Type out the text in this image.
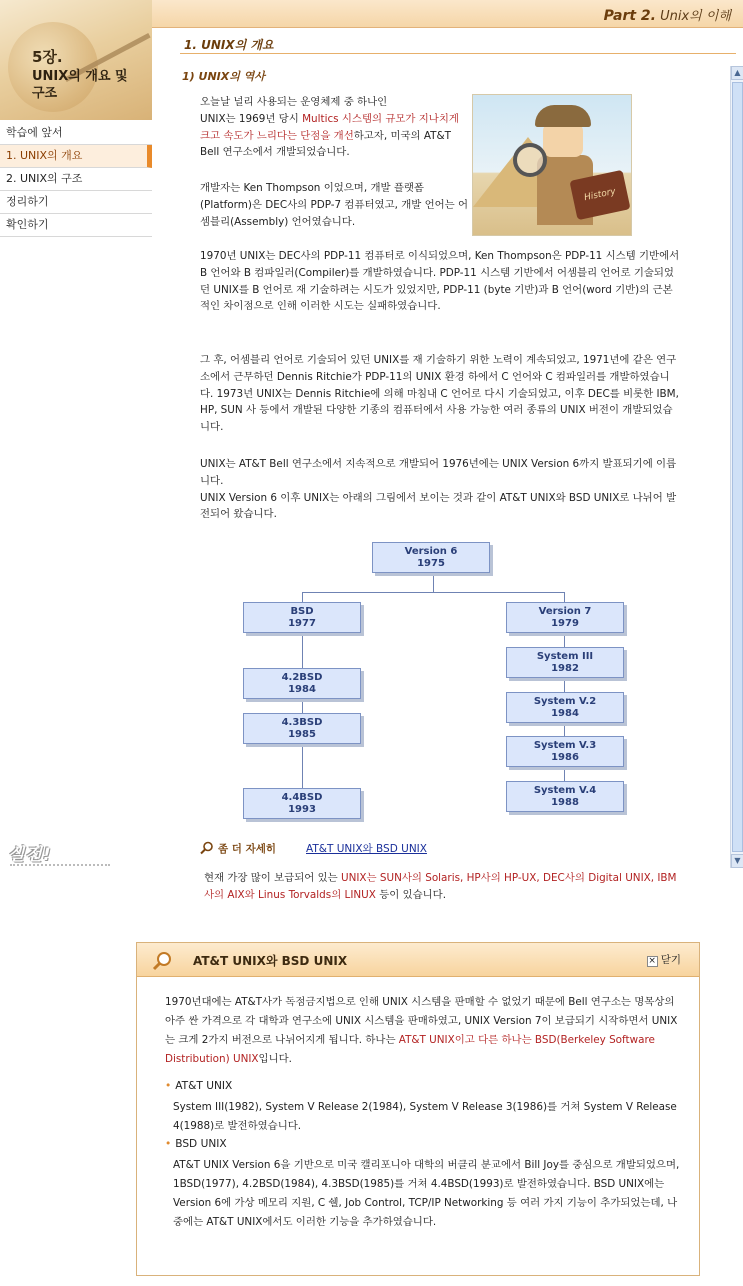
5장.
UNIX의 개요 및 구조
학습에 앞서
1. UNIX의 개요
2. UNIX의 구조
정리하기
확인하기
실전!
Part 2. Unix의 이해
1. UNIX의 개요
1) UNIX의 역사
오늘날 널리 사용되는 운영체제 중 하나인
UNIX는 1969년 당시 Multics 시스템의 규모가 지나치게 크고 속도가 느리다는 단점을 개선하고자, 미국의 AT&T Bell 연구소에서 개발되었습니다.
개발자는 Ken Thompson 이었으며, 개발 플랫폼(Platform)은 DEC사의 PDP-7 컴퓨터였고, 개발 언어는 어셈블리(Assembly) 언어였습니다.
History
1970년 UNIX는 DEC사의 PDP-11 컴퓨터로 이식되었으며, Ken Thompson은 PDP-11 시스템 기반에서 B 언어와 B 컴파일러(Compiler)를 개발하였습니다. PDP-11 시스템 기반에서 어셈블리 언어로 기술되었던 UNIX를 B 언어로 재 기술하려는 시도가 있었지만, PDP-11 (byte 기반)과 B 언어(word 기반)의 근본적인 차이점으로 인해 이러한 시도는 실패하였습니다.
그 후, 어셈블리 언어로 기술되어 있던 UNIX를 재 기술하기 위한 노력이 계속되었고, 1971년에 같은 연구소에서 근무하던 Dennis Ritchie가 PDP-11의 UNIX 환경 하에서 C 언어와 C 컴파일러를 개발하였습니다. 1973년 UNIX는 Dennis Ritchie에 의해 마침내 C 언어로 다시 기술되었고, 이후 DEC를 비롯한 IBM, HP, SUN 사 등에서 개발된 다양한 기종의 컴퓨터에서 사용 가능한 여러 종류의 UNIX 버전이 개발되었습니다.
UNIX는 AT&T Bell 연구소에서 지속적으로 개발되어 1976년에는 UNIX Version 6까지 발표되기에 이릅니다.
UNIX Version 6 이후 UNIX는 아래의 그림에서 보이는 것과 같이 AT&T UNIX와 BSD UNIX로 나뉘어 발전되어 왔습니다.
Version 6
1975
BSD
1977
4.2BSD
1984
4.3BSD
1985
4.4BSD
1993
Version 7
1979
System III
1982
System V.2
1984
System V.3
1986
System V.4
1988
좀 더 자세히	AT&T UNIX와 BSD UNIX
현재 가장 많이 보급되어 있는 UNIX는 SUN사의 Solaris, HP사의 HP-UX, DEC사의 Digital UNIX, IBM 사의 AIX와 Linus Torvalds의 LINUX 등이 있습니다.
▲
▼
AT&T UNIX와 BSD UNIX	× 닫기
1970년대에는 AT&T사가 독점금지법으로 인해 UNIX 시스템을 판매할 수 없었기 때문에 Bell 연구소는 명목상의 아주 싼 가격으로 각 대학과 연구소에 UNIX 시스템을 판매하였고, UNIX Version 7이 보급되기 시작하면서 UNIX는 크게 2가지 버전으로 나뉘어지게 됩니다. 하나는 AT&T UNIX이고 다른 하나는 BSD(Berkeley Software Distribution) UNIX입니다.
• AT&T UNIX
System III(1982), System V Release 2(1984), System V Release 3(1986)를 거쳐 System V Release 4(1988)로 발전하였습니다.
• BSD UNIX
AT&T UNIX Version 6을 기반으로 미국 캘리포니아 대학의 버클리 분교에서 Bill Joy를 중심으로 개발되었으며, 1BSD(1977), 4.2BSD(1984), 4.3BSD(1985)를 거쳐 4.4BSD(1993)로 발전하였습니다. BSD UNIX에는 Version 6에 가상 메모리 지원, C 쉘, Job Control, TCP/IP Networking 등 여러 가지 기능이 추가되었는데, 나중에는 AT&T UNIX에서도 이러한 기능을 추가하였습니다.
